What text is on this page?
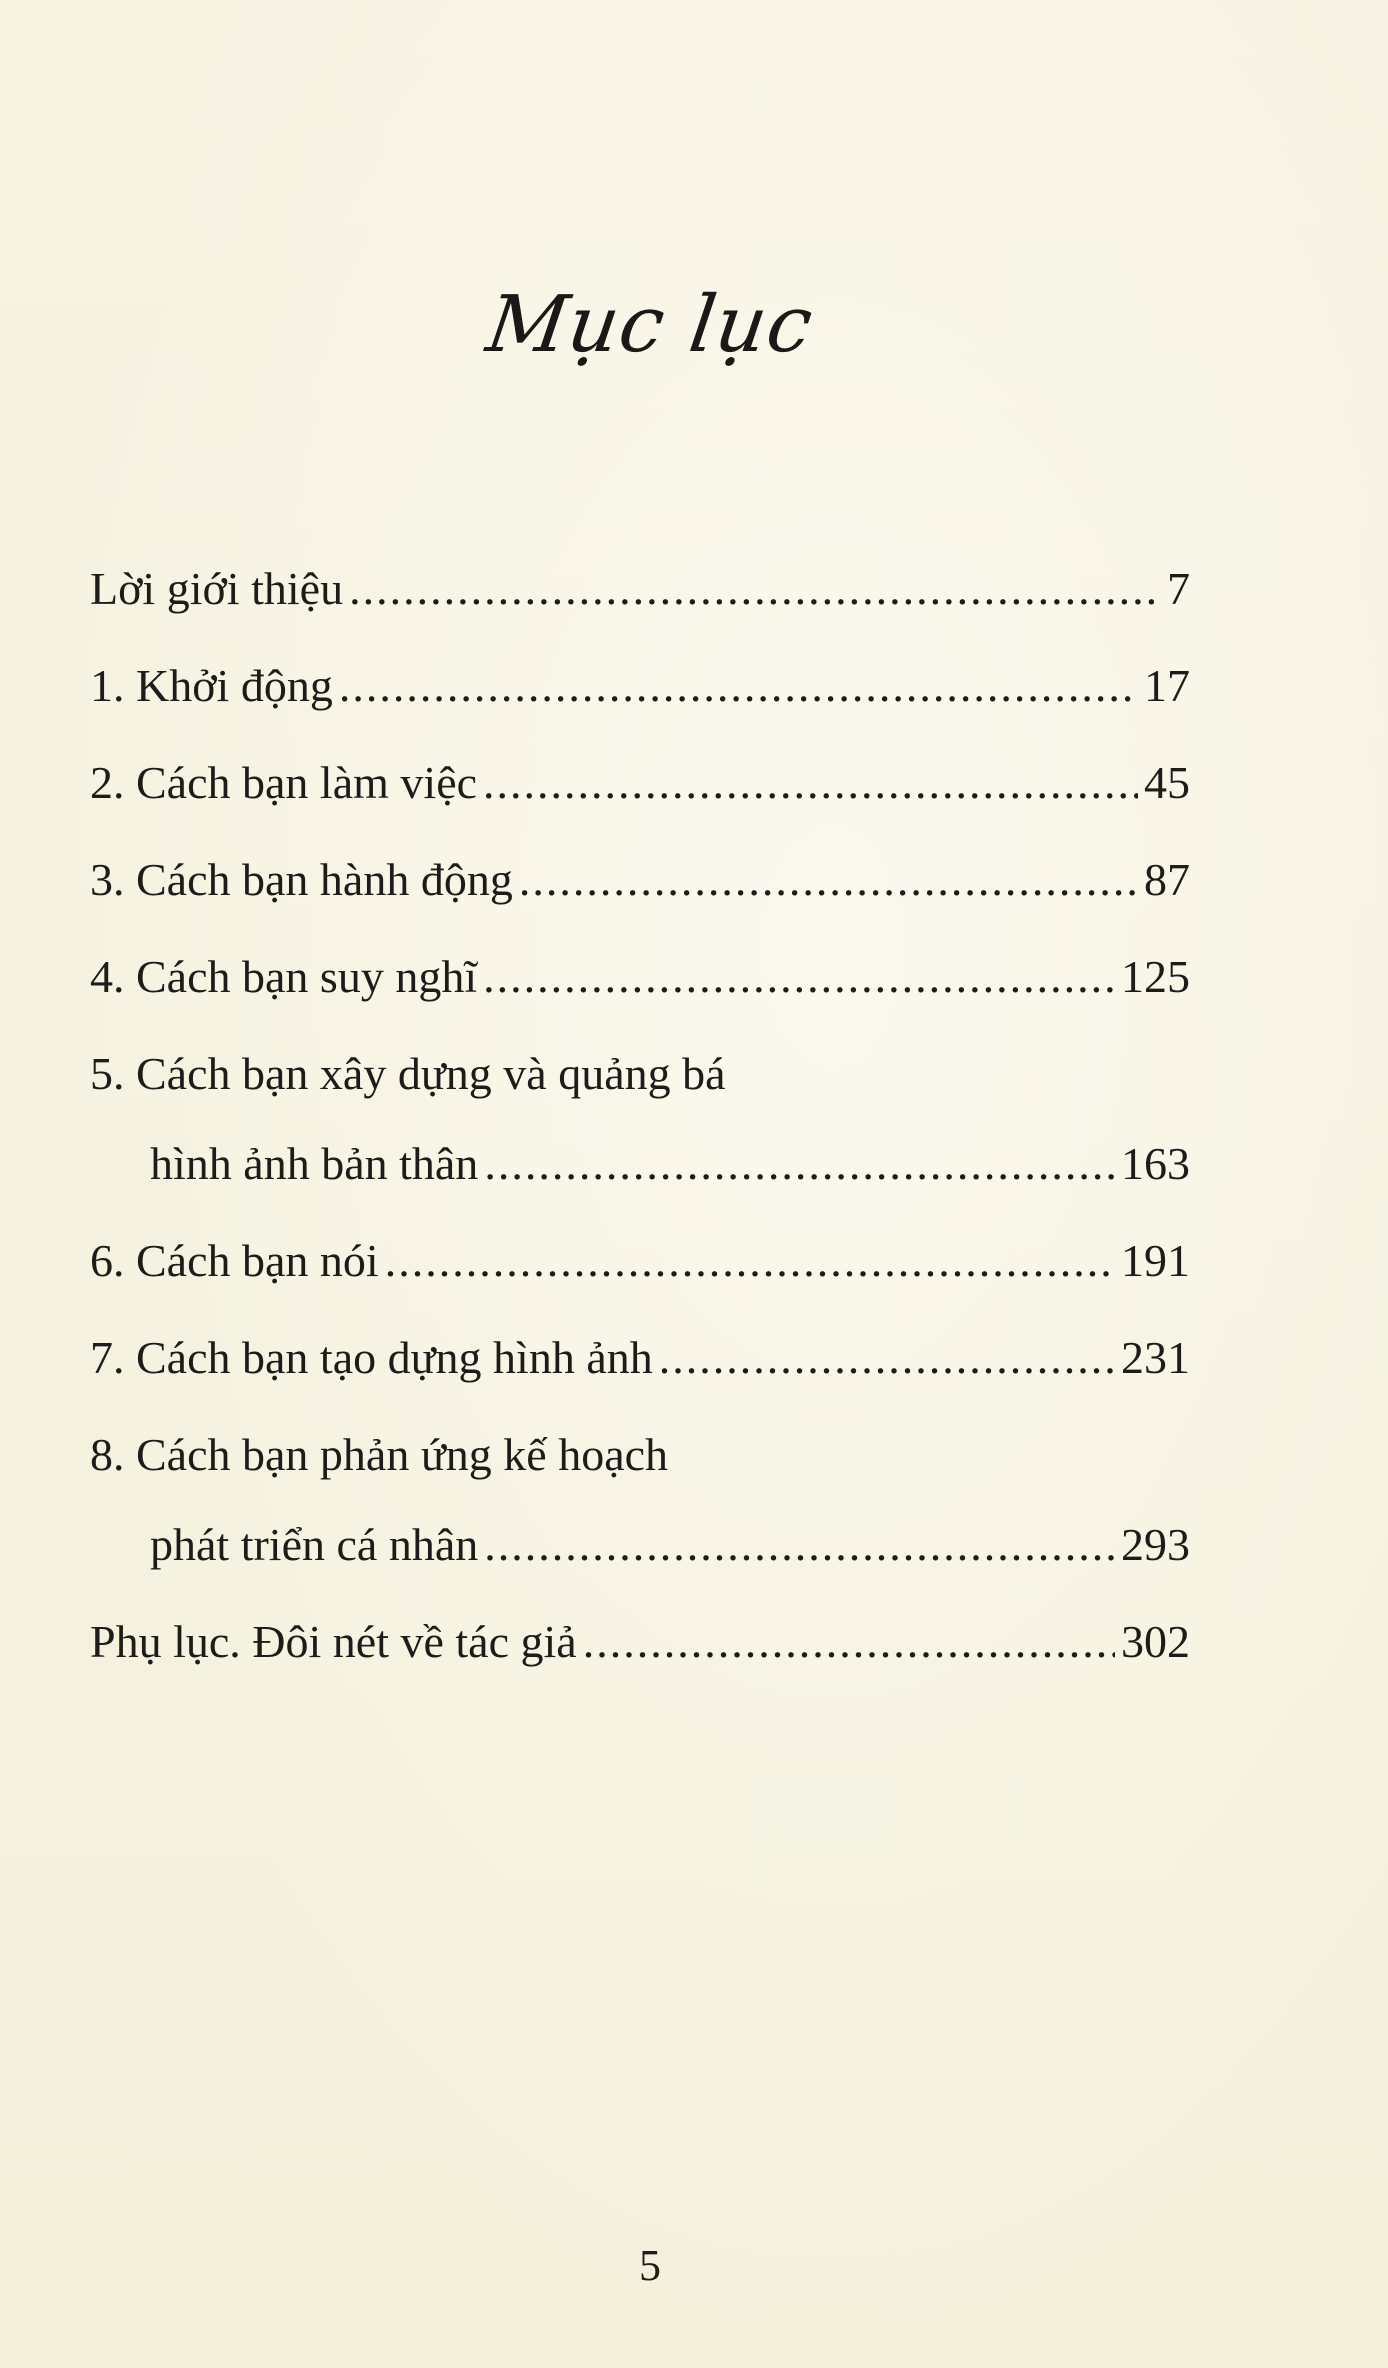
Mục lục
Lời giới thiệu .....	7
1. Khởi động .....	17
2. Cách bạn làm việc .....	45
3. Cách bạn hành động .....	87
4. Cách bạn suy nghĩ .....	125
5. Cách bạn xây dựng và quảng bá
hình ảnh bản thân .....	163
6. Cách bạn nói .....	191
7. Cách bạn tạo dựng hình ảnh .....	231
8. Cách bạn phản ứng kế hoạch
phát triển cá nhân .....	293
Phụ lục. Đôi nét về tác giả .....	302
5
